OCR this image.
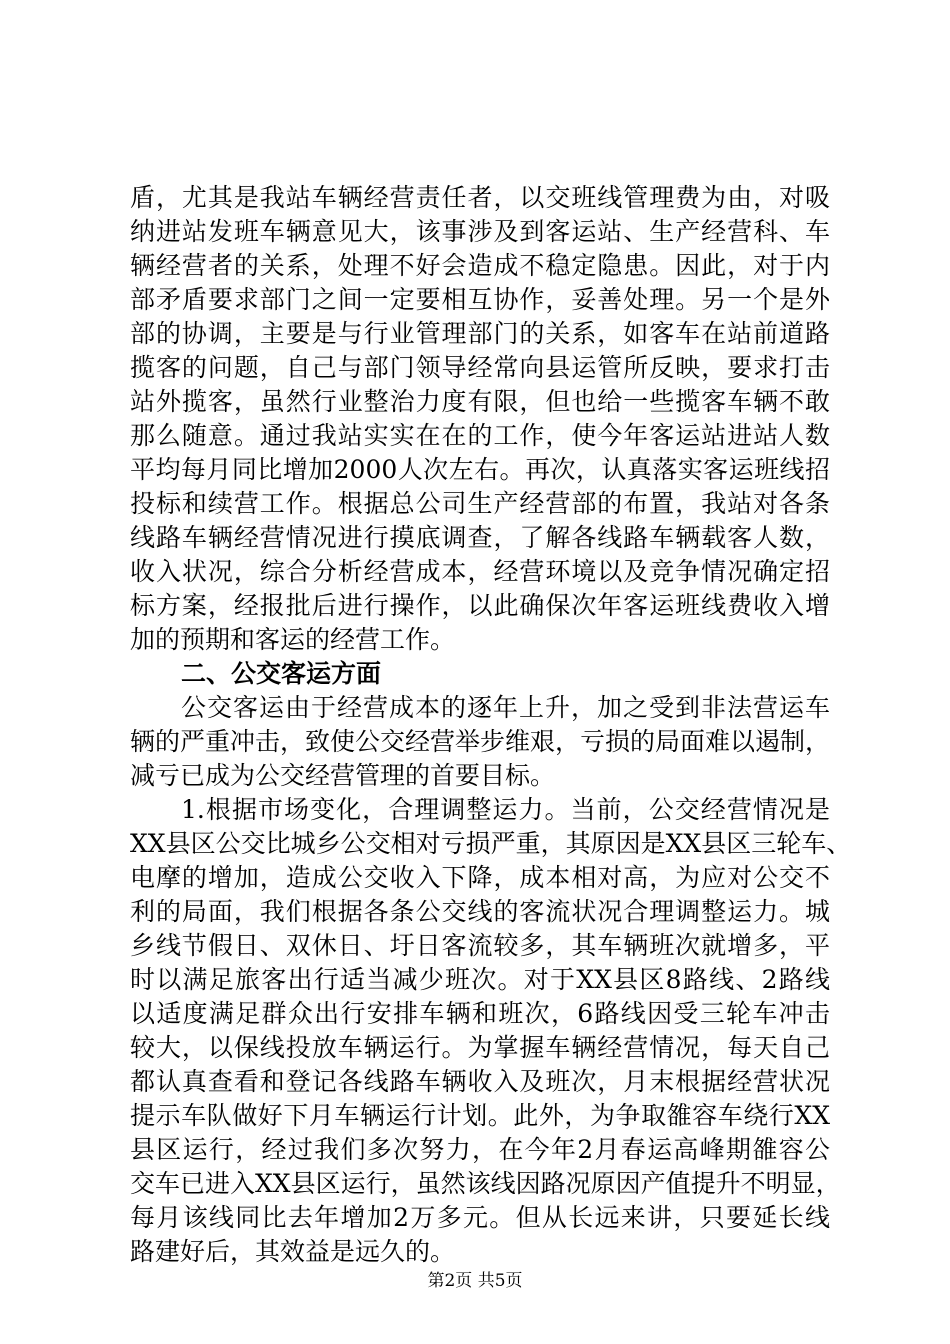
盾，尤其是我站车辆经营责任者，以交班线管理费为由，对吸
纳进站发班车辆意见大，该事涉及到客运站、生产经营科、车
辆经营者的关系，处理不好会造成不稳定隐患。因此，对于内
部矛盾要求部门之间一定要相互协作，妥善处理。另一个是外
部的协调，主要是与行业管理部门的关系，如客车在站前道路
揽客的问题，自己与部门领导经常向县运管所反映，要求打击
站外揽客，虽然行业整治力度有限，但也给一些揽客车辆不敢
那么随意。通过我站实实在在的工作，使今年客运站进站人数
平均每月同比增加2000人次左右。再次，认真落实客运班线招
投标和续营工作。根据总公司生产经营部的布置，我站对各条
线路车辆经营情况进行摸底调查，了解各线路车辆载客人数，
收入状况，综合分析经营成本，经营环境以及竞争情况确定招
标方案，经报批后进行操作，以此确保次年客运班线费收入增
加的预期和客运的经营工作。
二、公交客运方面
公交客运由于经营成本的逐年上升，加之受到非法营运车
辆的严重冲击，致使公交经营举步维艰，亏损的局面难以遏制，
减亏已成为公交经营管理的首要目标。
1.根据市场变化，合理调整运力。当前，公交经营情况是
XX县区公交比城乡公交相对亏损严重，其原因是XX县区三轮车、
电摩的增加，造成公交收入下降，成本相对高，为应对公交不
利的局面，我们根据各条公交线的客流状况合理调整运力。城
乡线节假日、双休日、圩日客流较多，其车辆班次就增多，平
时以满足旅客出行适当减少班次。对于XX县区8路线、2路线
以适度满足群众出行安排车辆和班次，6路线因受三轮车冲击
较大，以保线投放车辆运行。为掌握车辆经营情况，每天自己
都认真查看和登记各线路车辆收入及班次，月末根据经营状况
提示车队做好下月车辆运行计划。此外，为争取雒容车绕行XX
县区运行，经过我们多次努力，在今年2月春运高峰期雒容公
交车已进入XX县区运行，虽然该线因路况原因产值提升不明显，
每月该线同比去年增加2万多元。但从长远来讲，只要延长线
路建好后，其效益是远久的。
第2页 共5页
